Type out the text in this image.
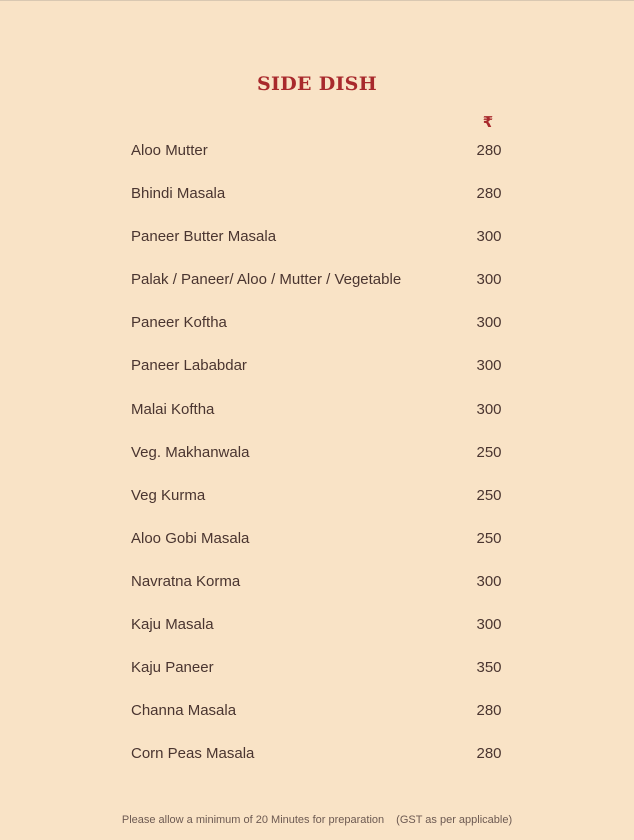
SIDE DISH
₹
Aloo Mutter	280
Bhindi Masala	280
Paneer Butter Masala	300
Palak / Paneer/ Aloo / Mutter / Vegetable	300
Paneer Koftha	300
Paneer Lababdar	300
Malai Koftha	300
Veg. Makhanwala	250
Veg Kurma	250
Aloo Gobi Masala	250
Navratna Korma	300
Kaju Masala	300
Kaju Paneer	350
Channa Masala	280
Corn Peas Masala	280
Please allow a minimum of 20 Minutes for preparation (GST as per applicable)
